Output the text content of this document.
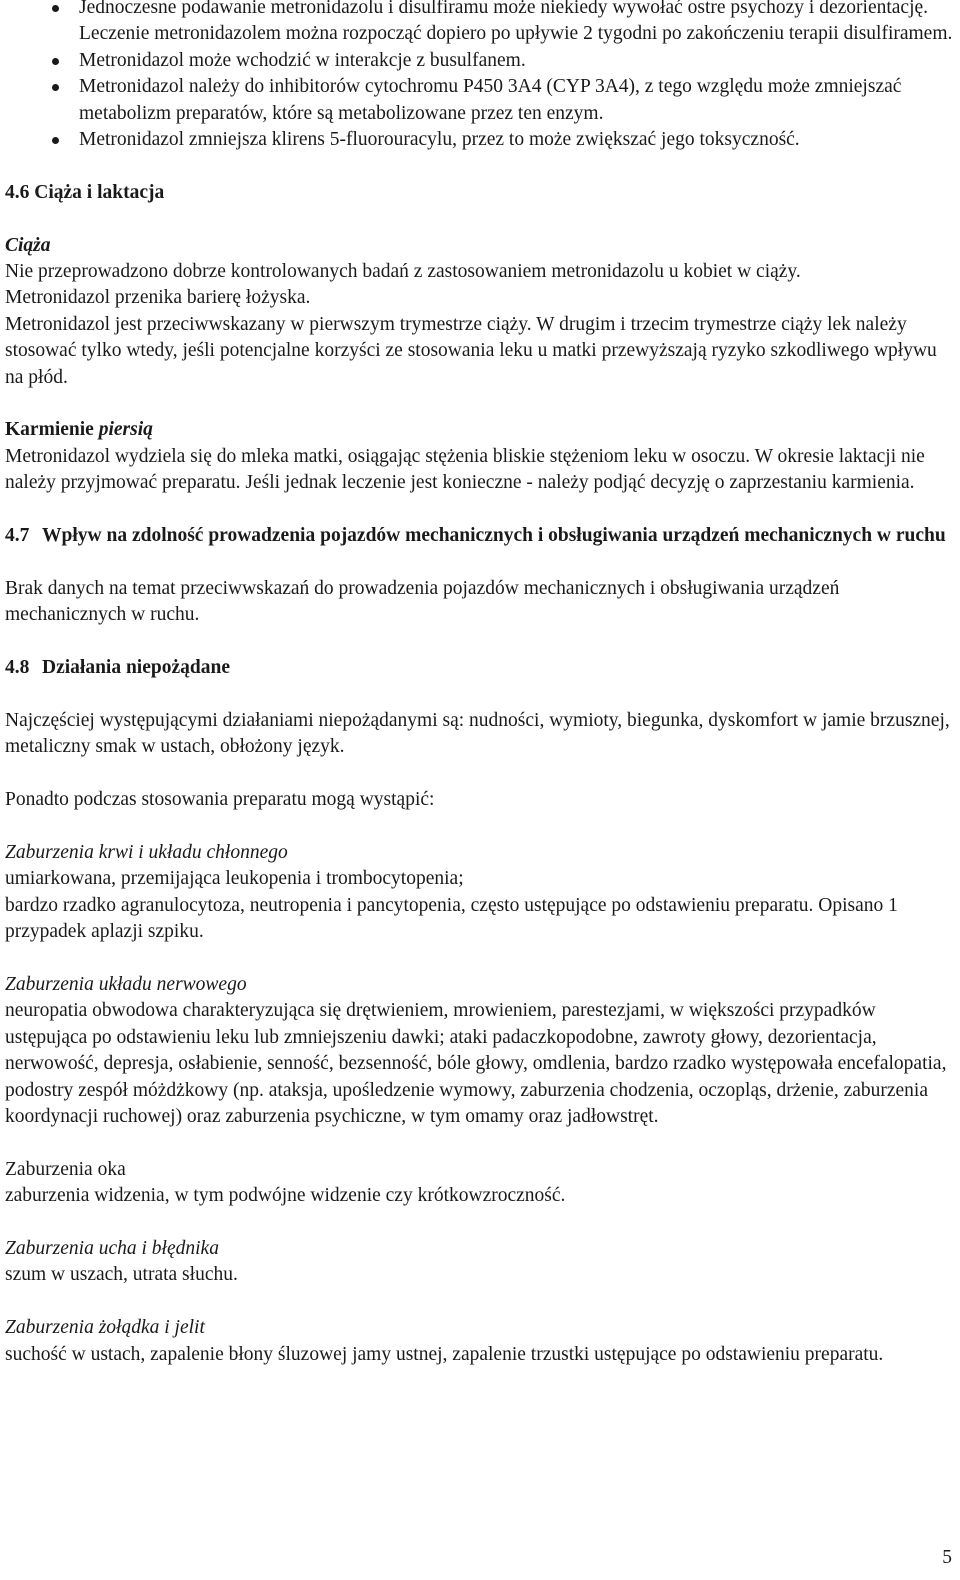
Jednoczesne podawanie metronidazolu i disulfiramu może niekiedy wywołać ostre psychozy i dezorientację. Leczenie metronidazolem można rozpocząć dopiero po upływie 2 tygodni po zakończeniu terapii disulfiramem.
Metronidazol może wchodzić w interakcje z busulfanem.
Metronidazol należy do inhibitorów cytochromu P450 3A4 (CYP 3A4), z tego względu może zmniejszać metabolizm preparatów, które są metabolizowane przez ten enzym.
Metronidazol zmniejsza klirens 5-fluorouracylu, przez to może zwiększać jego toksyczność.

4.6 Ciąża i laktacja

Ciąża

Nie przeprowadzono dobrze kontrolowanych badań z zastosowaniem metronidazolu u kobiet w ciąży.

Metronidazol przenika barierę łożyska.

Metronidazol jest przeciwwskazany w pierwszym trymestrze ciąży. W drugim i trzecim trymestrze ciąży lek należy stosować tylko wtedy, jeśli potencjalne korzyści ze stosowania leku u matki przewyższają ryzyko szkodliwego wpływu na płód.

Karmienie piersią

Metronidazol wydziela się do mleka matki, osiągając stężenia bliskie stężeniom leku w osoczu. W okresie laktacji nie należy przyjmować preparatu. Jeśli jednak leczenie jest konieczne - należy podjąć decyzję o zaprzestaniu karmienia.

4.7 Wpływ na zdolność prowadzenia pojazdów mechanicznych i obsługiwania urządzeń mechanicznych w ruchu

Brak danych na temat przeciwwskazań do prowadzenia pojazdów mechanicznych i obsługiwania urządzeń mechanicznych w ruchu.

4.8 Działania niepożądane

Najczęściej występującymi działaniami niepożądanymi są: nudności, wymioty, biegunka, dyskomfort w jamie brzusznej, metaliczny smak w ustach, obłożony język.

Ponadto podczas stosowania preparatu mogą wystąpić:

Zaburzenia krwi i układu chłonnego

umiarkowana, przemijająca leukopenia i trombocytopenia;

bardzo rzadko agranulocytoza, neutropenia i pancytopenia, często ustępujące po odstawieniu preparatu. Opisano 1 przypadek aplazji szpiku.

Zaburzenia układu nerwowego

neuropatia obwodowa charakteryzująca się drętwieniem, mrowieniem, parestezjami, w większości przypadków ustępująca po odstawieniu leku lub zmniejszeniu dawki; ataki padaczkopodobne, zawroty głowy, dezorientacja, nerwowość, depresja, osłabienie, senność, bezsenność, bóle głowy, omdlenia, bardzo rzadko występowała encefalopatia, podostry zespół móżdżkowy (np. ataksja, upośledzenie wymowy, zaburzenia chodzenia, oczopląs, drżenie, zaburzenia koordynacji ruchowej) oraz zaburzenia psychiczne, w tym omamy oraz jadłowstręt.

Zaburzenia oka

zaburzenia widzenia, w tym podwójne widzenie czy krótkowzroczność.

Zaburzenia ucha i błędnika

szum w uszach, utrata słuchu.

Zaburzenia żołądka i jelit

suchość w ustach, zapalenie błony śluzowej jamy ustnej, zapalenie trzustki ustępujące po odstawieniu preparatu.

5
